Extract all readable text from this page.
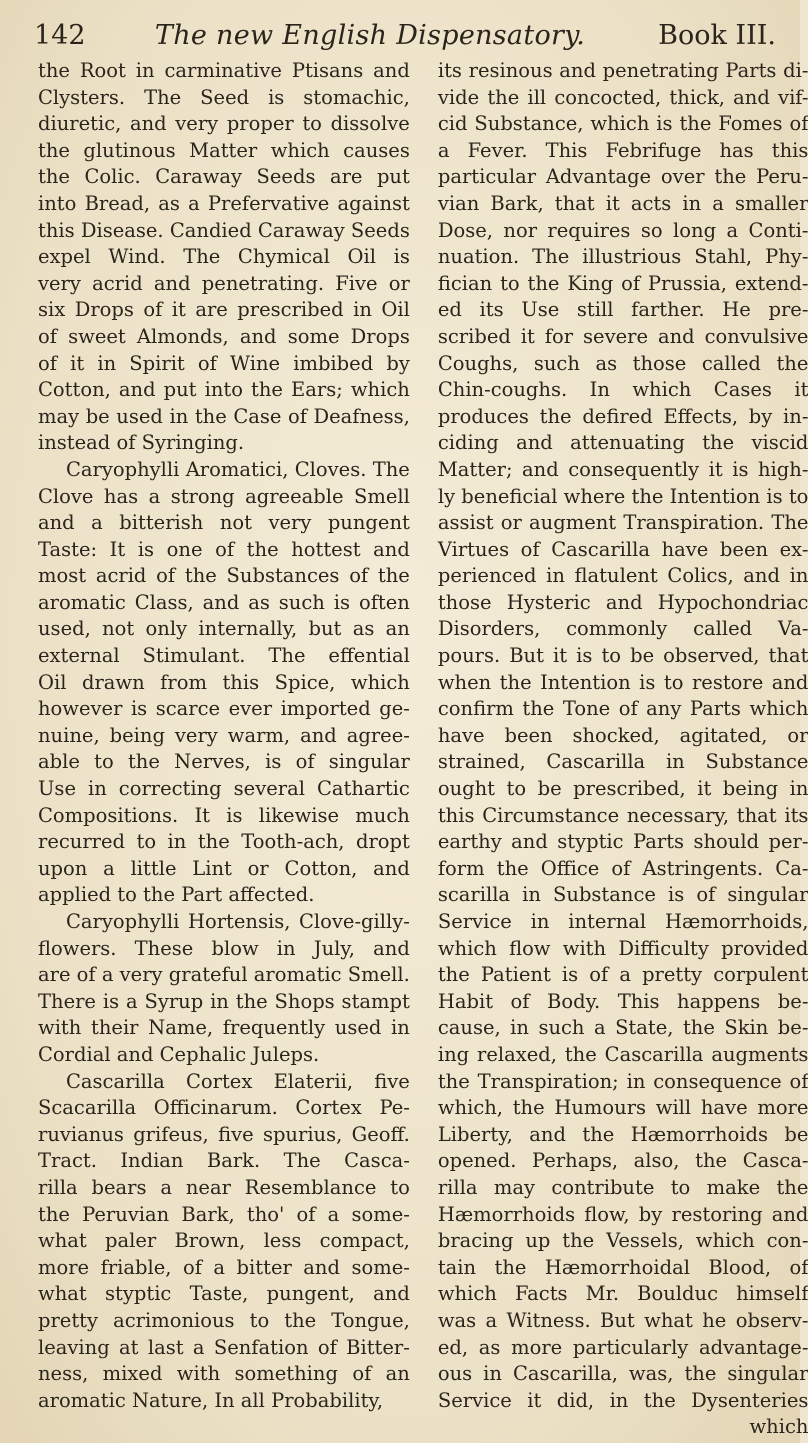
142	The new English Dispensatory.	Book III.
the Root in carminative Ptisans and
Clysters. The Seed is stomachic,
diuretic, and very proper to dissolve
the glutinous Matter which causes
the Colic. Caraway Seeds are put
into Bread, as a Prefervative against
this Disease. Candied Caraway Seeds
expel Wind. The Chymical Oil is
very acrid and penetrating. Five or
six Drops of it are prescribed in Oil
of sweet Almonds, and some Drops
of it in Spirit of Wine imbibed by
Cotton, and put into the Ears; which
may be used in the Case of Deafness,
instead of Syringing.
Caryophylli Aromatici, Cloves. The
Clove has a strong agreeable Smell
and a bitterish not very pungent
Taste: It is one of the hottest and
most acrid of the Substances of the
aromatic Class, and as such is often
used, not only internally, but as an
external Stimulant. The effential
Oil drawn from this Spice, which
however is scarce ever imported ge-
nuine, being very warm, and agree-
able to the Nerves, is of singular
Use in correcting several Cathartic
Compositions. It is likewise much
recurred to in the Tooth-ach, dropt
upon a little Lint or Cotton, and
applied to the Part affected.
Caryophylli Hortensis, Clove-gilly-
flowers. These blow in July, and
are of a very grateful aromatic Smell.
There is a Syrup in the Shops stampt
with their Name, frequently used in
Cordial and Cephalic Juleps.
Cascarilla Cortex Elaterii, five
Scacarilla Officinarum. Cortex Pe-
ruvianus grifeus, five spurius, Geoff.
Tract. Indian Bark. The Casca-
rilla bears a near Resemblance to
the Peruvian Bark, tho' of a some-
what paler Brown, less compact,
more friable, of a bitter and some-
what styptic Taste, pungent, and
pretty acrimonious to the Tongue,
leaving at last a Senfation of Bitter-
ness, mixed with something of an
aromatic Nature, In all Probability,
its resinous and penetrating Parts di-
vide the ill concocted, thick, and vif-
cid Substance, which is the Fomes of
a Fever. This Febrifuge has this
particular Advantage over the Peru-
vian Bark, that it acts in a smaller
Dose, nor requires so long a Conti-
nuation. The illustrious Stahl, Phy-
fician to the King of Prussia, extend-
ed its Use still farther. He pre-
scribed it for severe and convulsive
Coughs, such as those called the
Chin-coughs. In which Cases it
produces the defired Effects, by in-
ciding and attenuating the viscid
Matter; and consequently it is high-
ly beneficial where the Intention is to
assist or augment Transpiration. The
Virtues of Cascarilla have been ex-
perienced in flatulent Colics, and in
those Hysteric and Hypochondriac
Disorders, commonly called Va-
pours. But it is to be observed, that
when the Intention is to restore and
confirm the Tone of any Parts which
have been shocked, agitated, or
strained, Cascarilla in Substance
ought to be prescribed, it being in
this Circumstance necessary, that its
earthy and styptic Parts should per-
form the Office of Astringents. Ca-
scarilla in Substance is of singular
Service in internal Hæmorrhoids,
which flow with Difficulty provided
the Patient is of a pretty corpulent
Habit of Body. This happens be-
cause, in such a State, the Skin be-
ing relaxed, the Cascarilla augments
the Transpiration; in consequence of
which, the Humours will have more
Liberty, and the Hæmorrhoids be
opened. Perhaps, also, the Casca-
rilla may contribute to make the
Hæmorrhoids flow, by restoring and
bracing up the Vessels, which con-
tain the Hæmorrhoidal Blood, of
which Facts Mr. Boulduc himself
was a Witness. But what he observ-
ed, as more particularly advantage-
ous in Cascarilla, was, the singular
Service it did, in the Dysenteries
which
